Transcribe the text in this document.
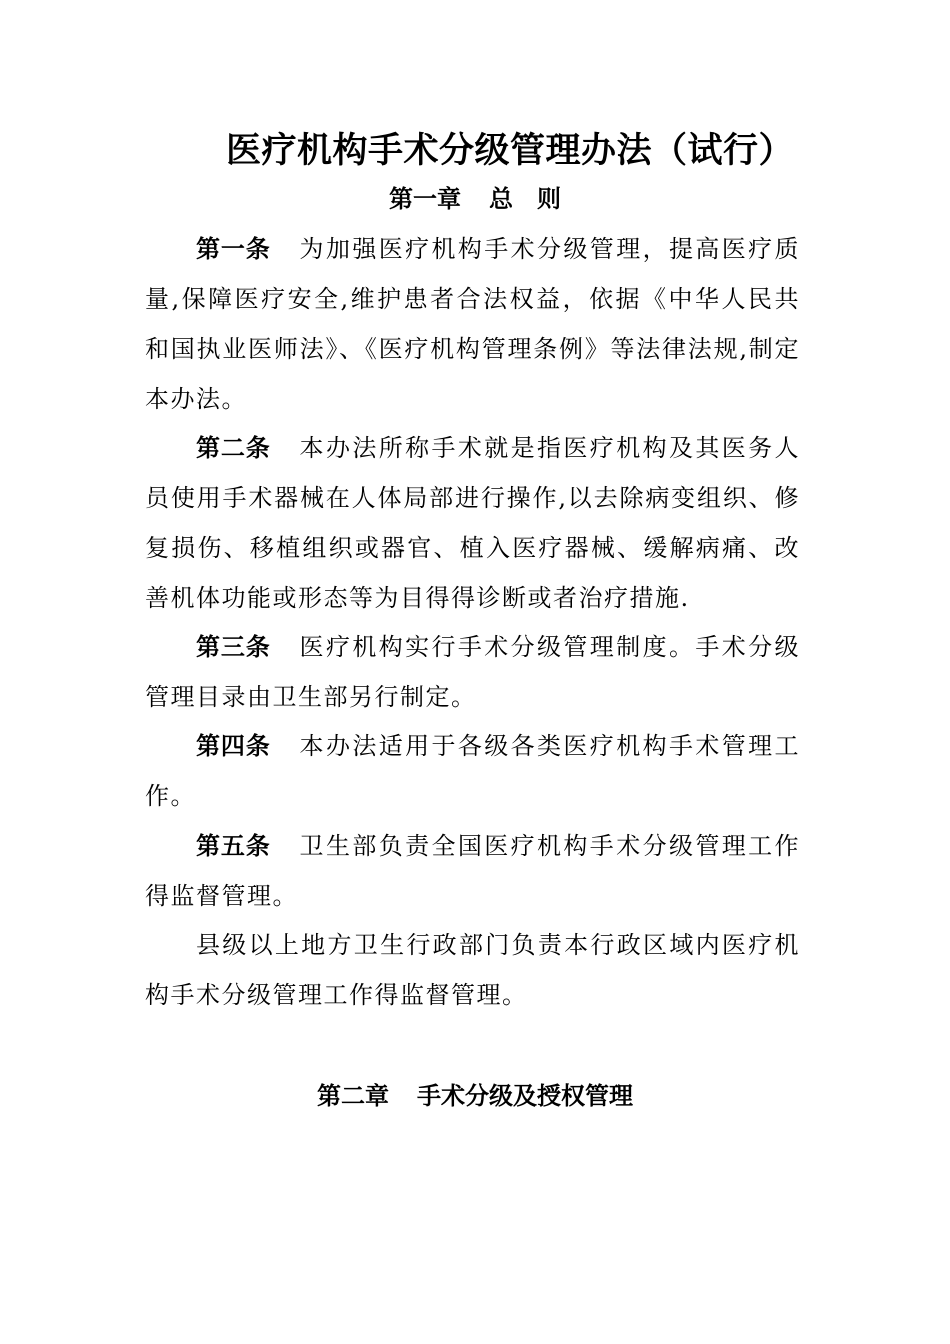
医疗机构手术分级管理办法（试行）
第一章 总　则

第一条 为加强医疗机构手术分级管理，提高医疗质量,保障医疗安全,维护患者合法权益，依据《中华人民共和国执业医师法》、《医疗机构管理条例》等法律法规,制定本办法。

第二条 本办法所称手术就是指医疗机构及其医务人员使用手术器械在人体局部进行操作,以去除病变组织、修复损伤、移植组织或器官、植入医疗器械、缓解病痛、改善机体功能或形态等为目得得诊断或者治疗措施.

第三条 医疗机构实行手术分级管理制度。手术分级管理目录由卫生部另行制定。

第四条 本办法适用于各级各类医疗机构手术管理工作。

第五条 卫生部负责全国医疗机构手术分级管理工作得监督管理。

县级以上地方卫生行政部门负责本行政区域内医疗机构手术分级管理工作得监督管理。

第二章 手术分级及授权管理
